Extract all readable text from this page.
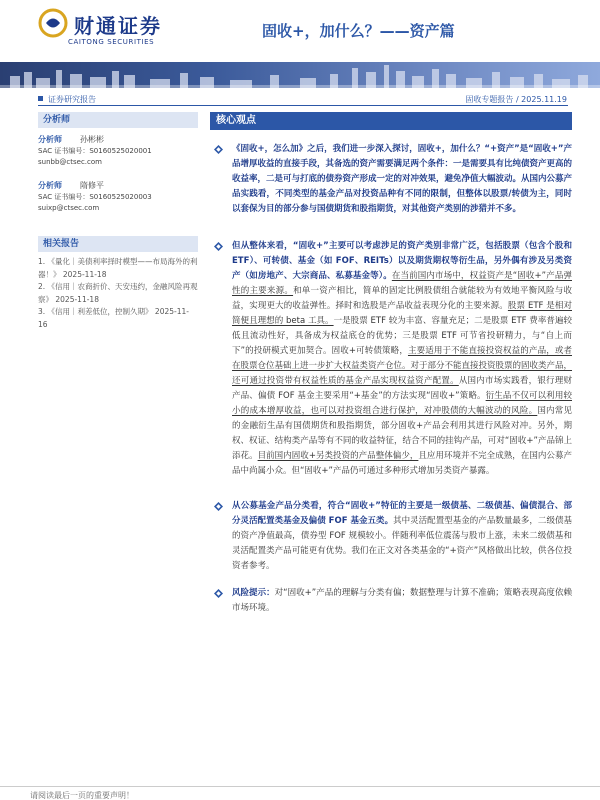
财通证券
CAITONG SECURITIES
固收+，加什么？——资产篇
证券研究报告	固收专题报告 / 2025.11.19
分析师
分析师 孙彬彬
SAC 证书编号：S0160525020001
sunbb@ctsec.com
分析师 隋修平
SAC 证书编号：S0160525020003
suixp@ctsec.com
相关报告
1. 《量化｜美债利率择时模型——布局海外的利器！》 2025-11-18
2. 《信用｜农商折价、天安违约，金融风险再观察》 2025-11-18
3. 《信用｜利差低位，控制久期》 2025-11-16
核心观点
《固收+，怎么加》之后，我们进一步深入探讨，固收+，加什么？“+资产”是“固收+”产品增厚收益的直接手段，其备选的资产需要满足两个条件：一是需要具有比纯债资产更高的收益率，二是可与打底的债券资产形成一定的对冲效果，避免净值大幅波动。从国内公募产品实践看，不同类型的基金产品对投资品种有不同的限制，但整体以股票/转债为主，同时以套保为目的部分参与国债期货和股指期货，对其他资产类别的涉猎并不多。
但从整体来看，“固收+”主要可以考虑涉足的资产类别非常广泛，包括股票（包含个股和 ETF）、可转债、基金（如 FOF、REITs）以及期货期权等衍生品，另外偶有涉及另类资产（如房地产、大宗商品、私募基金等）。在当前国内市场中，权益资产是“固收+”产品弹性的主要来源。和单一资产相比，简单的固定比例股债组合就能较为有效地平衡风险与收益，实现更大的收益弹性。择时和选股是产品收益表现分化的主要来源。股票 ETF 是相对简便且理想的 beta 工具。一是股票 ETF 较为丰富、容量充足；二是股票 ETF 费率普遍较低且流动性好，具备成为权益底仓的优势；三是股票 ETF 可节省投研精力，与“自上而下”的投研模式更加契合。固收+可转债策略，主要适用于不能直接投资权益的产品，或者在股票仓位基础上进一步扩大权益类资产仓位。对于部分不能直接投资股票的固收类产品，还可通过投资带有权益性质的基金产品实现权益资产配置。从国内市场实践看，银行理财产品、偏债 FOF 基金主要采用“+基金”的方法实现“固收+”策略。衍生品不仅可以利用较小的成本增厚收益，也可以对投资组合进行保护，对冲股债的大幅波动的风险。国内常见的金融衍生品有国债期货和股指期货，部分固收+产品会利用其进行风险对冲。另外，期权、权证、结构类产品等有不同的收益特征，结合不同的挂钩产品，可对“固收+”产品锦上添花。目前国内固收+另类投资的产品整体偏少，且应用环境并不完全成熟，在国内公募产品中尚属小众。但“固收+”产品仍可通过多种形式增加另类资产暴露。
从公募基金产品分类看，符合“固收+”特征的主要是一级债基、二级债基、偏债混合、部分灵活配置类基金及偏债 FOF 基金五类。其中灵活配置型基金的产品数量最多，二级债基的资产净值最高，债券型 FOF 规模较小。伴随利率低位震荡与股市上涨，未来二级债基和灵活配置类产品可能更有优势。我们在正文对各类基金的“+资产”风格做出比较，供各位投资者参考。
风险提示：对“固收+”产品的理解与分类有偏；数据整理与计算不准确；策略表现高度依赖市场环境。
请阅读最后一页的重要声明！
